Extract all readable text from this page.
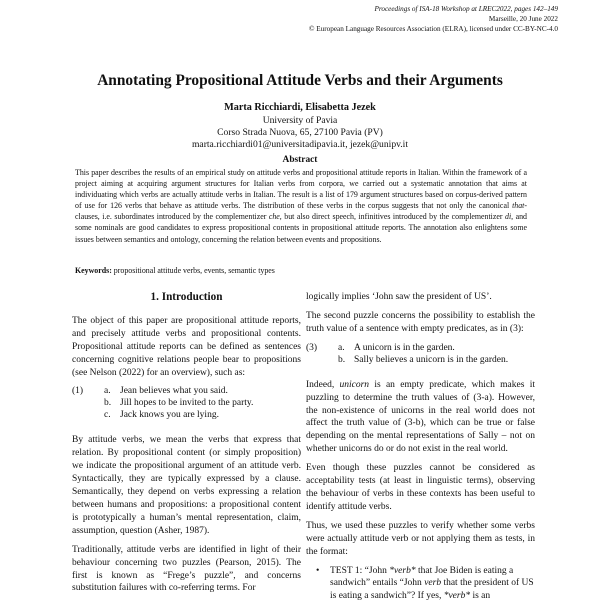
Proceedings of ISA-18 Workshop at LREC2022, pages 142–149
Marseille, 20 June 2022
© European Language Resources Association (ELRA), licensed under CC-BY-NC-4.0
Annotating Propositional Attitude Verbs and their Arguments
Marta Ricchiardi, Elisabetta Jezek
University of Pavia
Corso Strada Nuova, 65, 27100 Pavia (PV)
marta.ricchiardi01@universitadipavia.it, jezek@unipv.it
Abstract
This paper describes the results of an empirical study on attitude verbs and propositional attitude reports in Italian. Within the framework of a project aiming at acquiring argument structures for Italian verbs from corpora, we carried out a systematic annotation that aims at individuating which verbs are actually attitude verbs in Italian. The result is a list of 179 argument structures based on corpus-derived pattern of use for 126 verbs that behave as attitude verbs. The distribution of these verbs in the corpus suggests that not only the canonical that-clauses, i.e. subordinates introduced by the complementizer che, but also direct speech, infinitives introduced by the complementizer di, and some nominals are good candidates to express propositional contents in propositional attitude reports. The annotation also enlightens some issues between semantics and ontology, concerning the relation between events and propositions.
Keywords: propositional attitude verbs, events, semantic types
1. Introduction

The object of this paper are propositional attitude reports, and precisely attitude verbs and propositional contents. Propositional attitude reports can be defined as sentences concerning cognitive relations people bear to propositions (see Nelson (2022) for an overview), such as:

(1)	a. Jean believes what you said.
b. Jill hopes to be invited to the party.
c. Jack knows you are lying.

By attitude verbs, we mean the verbs that express that relation. By propositional content (or simply proposition) we indicate the propositional argument of an attitude verb. Syntactically, they are typically expressed by a clause. Semantically, they depend on verbs expressing a relation between humans and propositions: a propositional content is prototypically a human’s mental representation, claim, assumption, question (Asher, 1987).

Traditionally, attitude verbs are identified in light of their behaviour concerning two puzzles (Pearson, 2015). The first is known as “Frege’s puzzle”, and concerns substitution failures with co-referring terms. For

logically implies ‘John saw the president of US’.

The second puzzle concerns the possibility to establish the truth value of a sentence with empty predicates, as in (3):

(3)	a. A unicorn is in the garden.
b. Sally believes a unicorn is in the garden.

Indeed, unicorn is an empty predicate, which makes it puzzling to determine the truth values of (3-a). However, the non-existence of unicorns in the real world does not affect the truth value of (3-b), which can be true or false depending on the mental representations of Sally – not on whether unicorns do or do not exist in the real world.

Even though these puzzles cannot be considered as acceptability tests (at least in linguistic terms), observing the behaviour of verbs in these contexts has been useful to identify attitude verbs.

Thus, we used these puzzles to verify whether some verbs were actually attitude verb or not applying them as tests, in the format:

•	TEST 1: “John *verb* that Joe Biden is eating a sandwich” entails “John verb that the president of US is eating a sandwich”? If yes, *verb* is an
